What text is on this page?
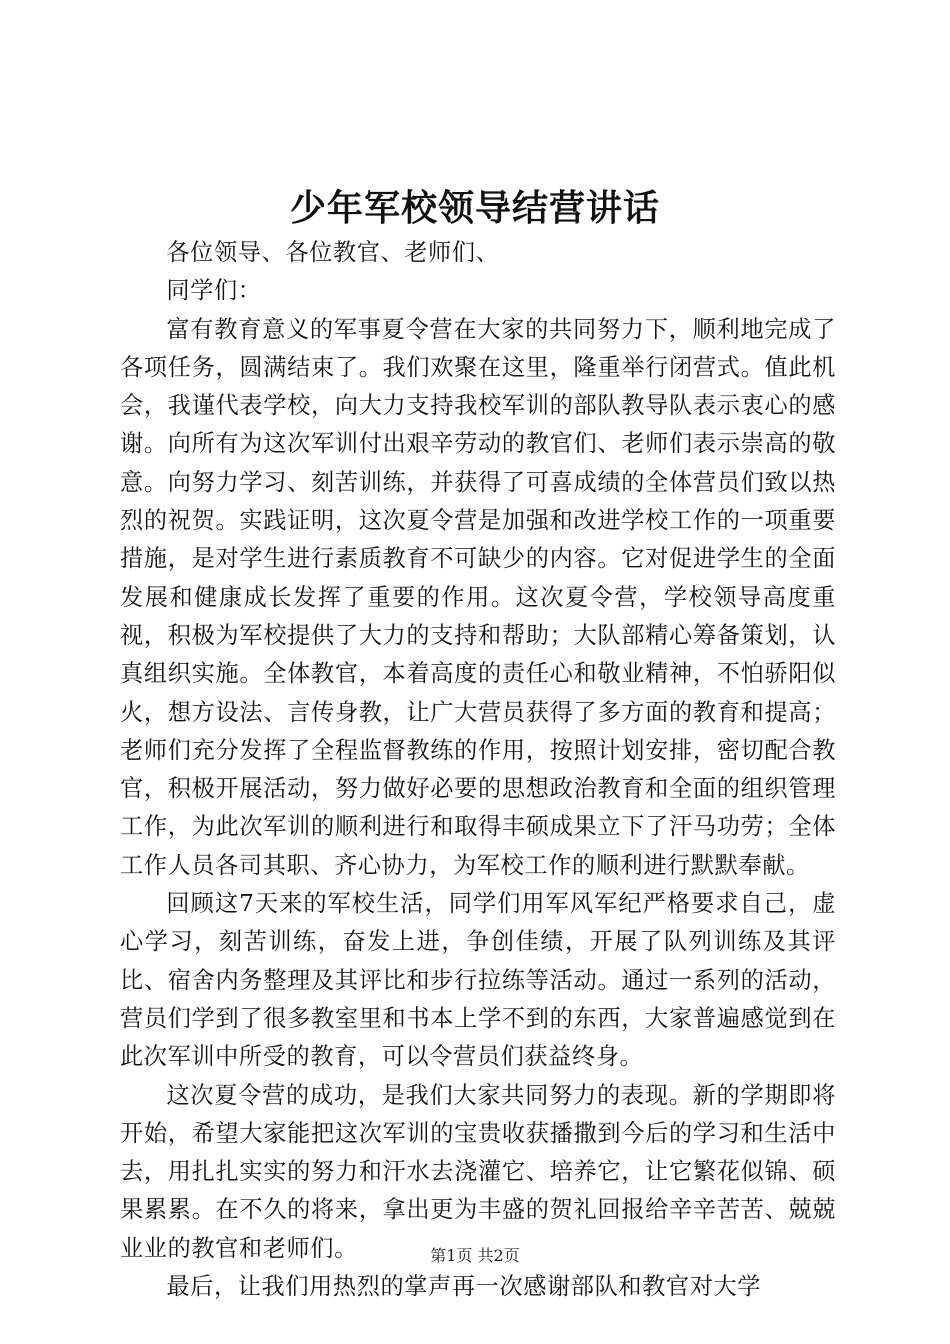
少年军校领导结营讲话

各位领导、各位教官、老师们、

同学们：

富有教育意义的军事夏令营在大家的共同努力下，顺利地完成了各项任务，圆满结束了。我们欢聚在这里，隆重举行闭营式。值此机会，我谨代表学校，向大力支持我校军训的部队教导队表示衷心的感谢。向所有为这次军训付出艰辛劳动的教官们、老师们表示崇高的敬意。向努力学习、刻苦训练，并获得了可喜成绩的全体营员们致以热烈的祝贺。实践证明，这次夏令营是加强和改进学校工作的一项重要措施，是对学生进行素质教育不可缺少的内容。它对促进学生的全面发展和健康成长发挥了重要的作用。这次夏令营，学校领导高度重视，积极为军校提供了大力的支持和帮助；大队部精心筹备策划，认真组织实施。全体教官，本着高度的责任心和敬业精神，不怕骄阳似火，想方设法、言传身教，让广大营员获得了多方面的教育和提高；老师们充分发挥了全程监督教练的作用，按照计划安排，密切配合教官，积极开展活动，努力做好必要的思想政治教育和全面的组织管理工作，为此次军训的顺利进行和取得丰硕成果立下了汗马功劳；全体工作人员各司其职、齐心协力，为军校工作的顺利进行默默奉献。

回顾这7天来的军校生活，同学们用军风军纪严格要求自己，虚心学习，刻苦训练，奋发上进，争创佳绩，开展了队列训练及其评比、宿舍内务整理及其评比和步行拉练等活动。通过一系列的活动，营员们学到了很多教室里和书本上学不到的东西，大家普遍感觉到在此次军训中所受的教育，可以令营员们获益终身。

这次夏令营的成功，是我们大家共同努力的表现。新的学期即将开始，希望大家能把这次军训的宝贵收获播撒到今后的学习和生活中去，用扎扎实实的努力和汗水去浇灌它、培养它，让它繁花似锦、硕果累累。在不久的将来，拿出更为丰盛的贺礼回报给辛辛苦苦、兢兢业业的教官和老师们。

最后，让我们用热烈的掌声再一次感谢部队和教官对大学

第1页 共2页
